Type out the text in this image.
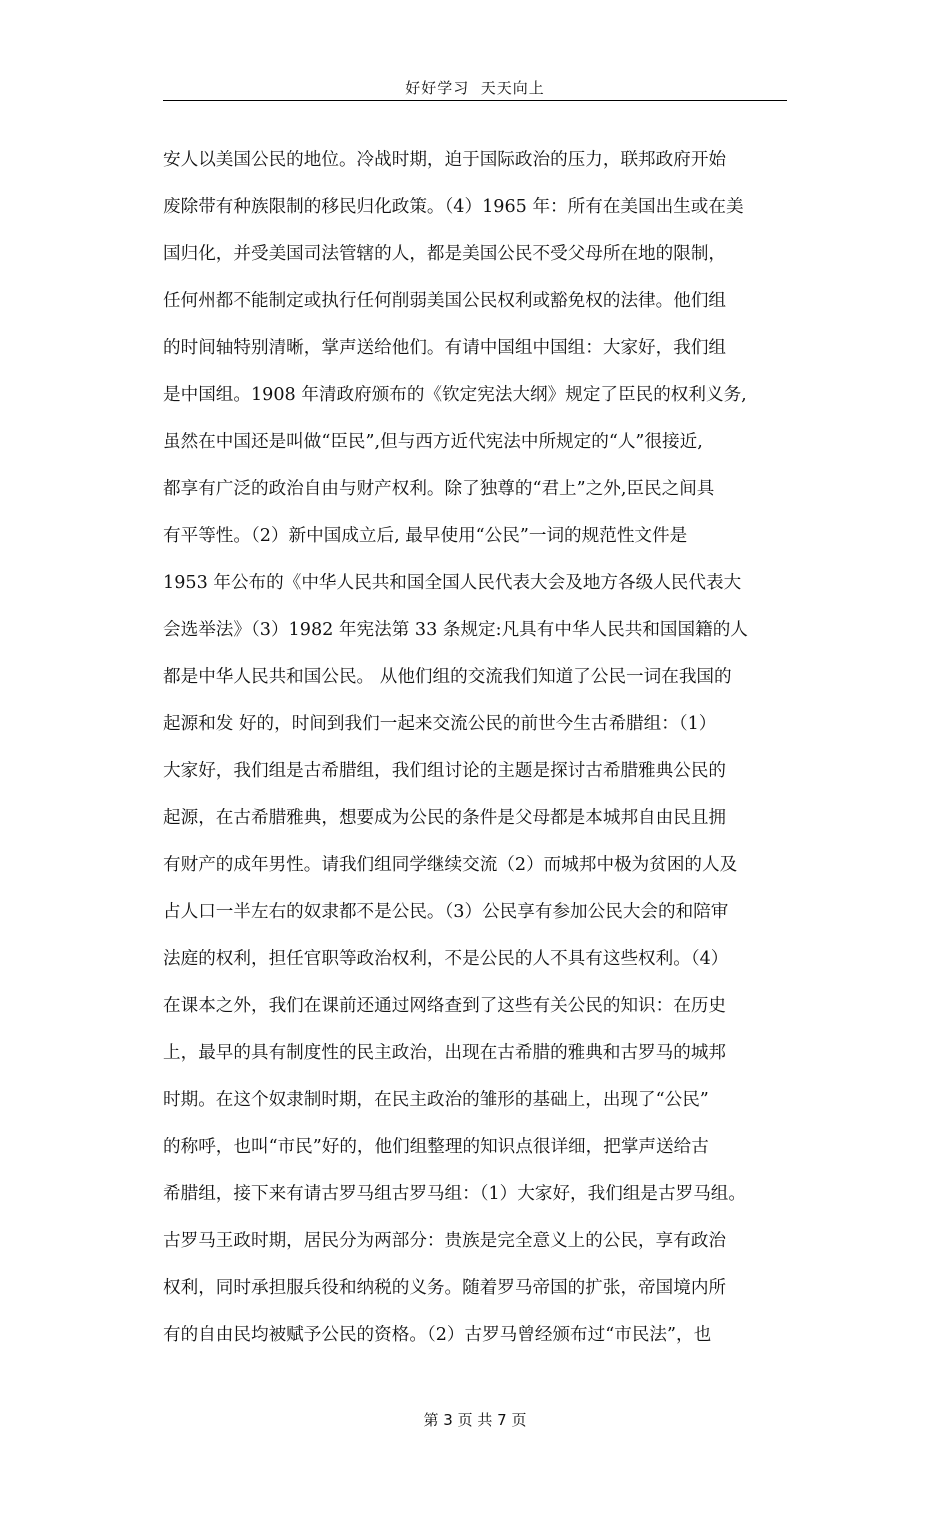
好好学习  天天向上
安人以美国公民的地位。冷战时期，迫于国际政治的压力，联邦政府开始
废除带有种族限制的移民归化政策。（4）1965 年：所有在美国出生或在美
国归化，并受美国司法管辖的人，都是美国公民不受父母所在地的限制，
任何州都不能制定或执行任何削弱美国公民权利或豁免权的法律。他们组
的时间轴特别清晰，掌声送给他们。有请中国组中国组：大家好，我们组
是中国组。1908 年清政府颁布的《钦定宪法大纲》规定了臣民的权利义务,
虽然在中国还是叫做“臣民”,但与西方近代宪法中所规定的“人”很接近,
都享有广泛的政治自由与财产权利。除了独尊的“君上”之外,臣民之间具
有平等性。（2）新中国成立后, 最早使用“公民”一词的规范性文件是
1953 年公布的《中华人民共和国全国人民代表大会及地方各级人民代表大
会选举法》（3）1982 年宪法第 33 条规定:凡具有中华人民共和国国籍的人
都是中华人民共和国公民。 从他们组的交流我们知道了公民一词在我国的
起源和发 好的，时间到我们一起来交流公民的前世今生古希腊组：（1）
大家好，我们组是古希腊组，我们组讨论的主题是探讨古希腊雅典公民的
起源，在古希腊雅典，想要成为公民的条件是父母都是本城邦自由民且拥
有财产的成年男性。请我们组同学继续交流（2）而城邦中极为贫困的人及
占人口一半左右的奴隶都不是公民。（3）公民享有参加公民大会的和陪审
法庭的权利，担任官职等政治权利，不是公民的人不具有这些权利。（4）
在课本之外，我们在课前还通过网络查到了这些有关公民的知识：在历史
上，最早的具有制度性的民主政治，出现在古希腊的雅典和古罗马的城邦
时期。在这个奴隶制时期，在民主政治的雏形的基础上，出现了“公民”
的称呼，也叫“市民”好的，他们组整理的知识点很详细，把掌声送给古
希腊组，接下来有请古罗马组古罗马组：（1）大家好，我们组是古罗马组。
古罗马王政时期，居民分为两部分：贵族是完全意义上的公民，享有政治
权利，同时承担服兵役和纳税的义务。随着罗马帝国的扩张，帝国境内所
有的自由民均被赋予公民的资格。（2）古罗马曾经颁布过“市民法”，也
第 3 页 共 7 页
